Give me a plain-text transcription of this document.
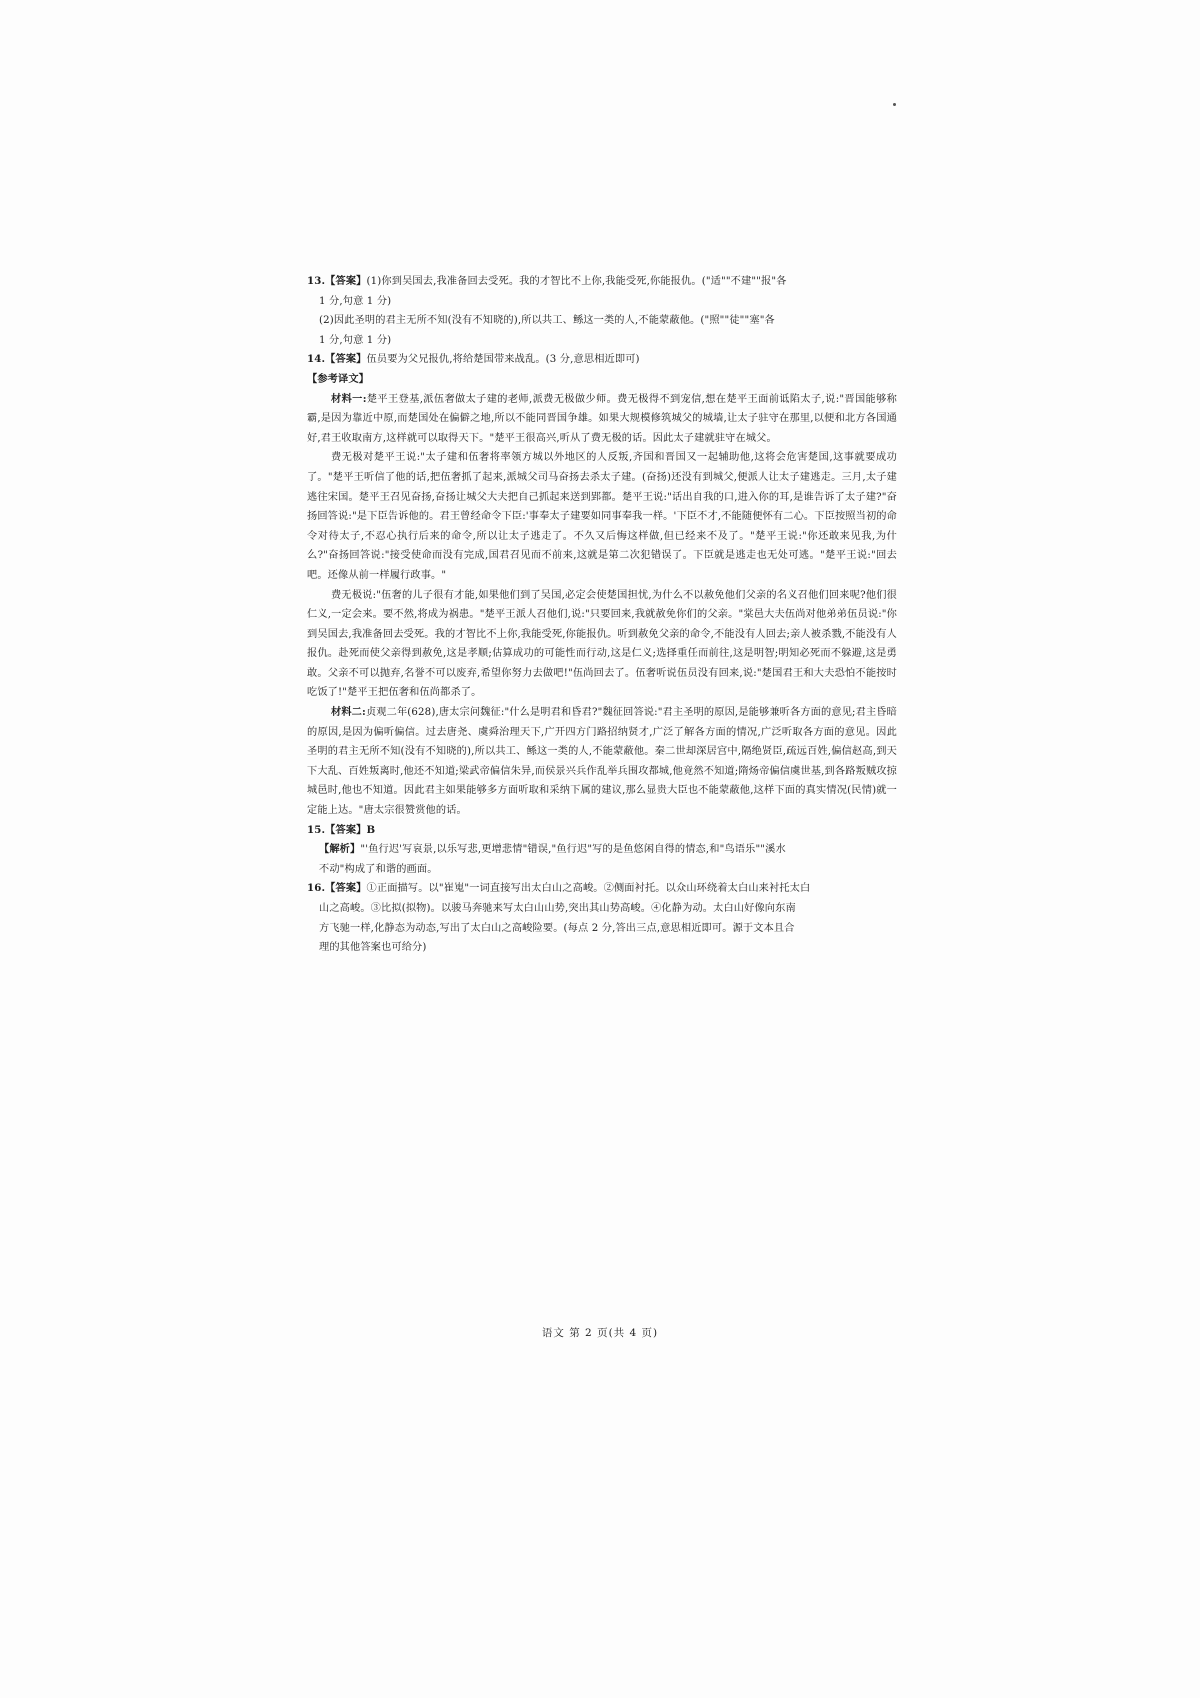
13.【答案】(1)你到吴国去,我准备回去受死。我的才智比不上你,我能受死,你能报仇。("适""不建""报"各
1 分,句意 1 分)
(2)因此圣明的君主无所不知(没有不知晓的),所以共工、鲧这一类的人,不能蒙蔽他。("照""徒""塞"各
1 分,句意 1 分)
14.【答案】伍员要为父兄报仇,将给楚国带来战乱。(3 分,意思相近即可)
【参考译文】
材料一:楚平王登基,派伍奢做太子建的老师,派费无极做少师。费无极得不到宠信,想在楚平王面前诋陷太子,说:"晋国能够称霸,是因为靠近中原,而楚国处在偏僻之地,所以不能同晋国争雄。如果大规模修筑城父的城墙,让太子驻守在那里,以便和北方各国通好,君王收取南方,这样就可以取得天下。"楚平王很高兴,听从了费无极的话。因此太子建就驻守在城父。
费无极对楚平王说:"太子建和伍奢将率领方城以外地区的人反叛,齐国和晋国又一起辅助他,这将会危害楚国,这事就要成功了。"楚平王听信了他的话,把伍奢抓了起来,派城父司马奋扬去杀太子建。(奋扬)还没有到城父,便派人让太子建逃走。三月,太子建逃往宋国。楚平王召见奋扬,奋扬让城父大夫把自己抓起来送到郢都。楚平王说:"话出自我的口,进入你的耳,是谁告诉了太子建?"奋扬回答说:"是下臣告诉他的。君王曾经命令下臣:'事奉太子建要如同事奉我一样。'下臣不才,不能随便怀有二心。下臣按照当初的命令对待太子,不忍心执行后来的命令,所以让太子逃走了。不久又后悔这样做,但已经来不及了。"楚平王说:"你还敢来见我,为什么?"奋扬回答说:"接受使命而没有完成,国君召见而不前来,这就是第二次犯错误了。下臣就是逃走也无处可逃。"楚平王说:"回去吧。还像从前一样履行政事。"
费无极说:"伍奢的儿子很有才能,如果他们到了吴国,必定会使楚国担忧,为什么不以赦免他们父亲的名义召他们回来呢?他们很仁义,一定会来。要不然,将成为祸患。"楚平王派人召他们,说:"只要回来,我就赦免你们的父亲。"棠邑大夫伍尚对他弟弟伍员说:"你到吴国去,我准备回去受死。我的才智比不上你,我能受死,你能报仇。听到赦免父亲的命令,不能没有人回去;亲人被杀戮,不能没有人报仇。赴死而使父亲得到赦免,这是孝顺;估算成功的可能性而行动,这是仁义;选择重任而前往,这是明智;明知必死而不躲避,这是勇敢。父亲不可以抛弃,名誉不可以废弃,希望你努力去做吧!"伍尚回去了。伍奢听说伍员没有回来,说:"楚国君王和大夫恐怕不能按时吃饭了!"楚平王把伍奢和伍尚都杀了。
材料二:贞观二年(628),唐太宗问魏征:"什么是明君和昏君?"魏征回答说:"君主圣明的原因,是能够兼听各方面的意见;君主昏暗的原因,是因为偏听偏信。过去唐尧、虞舜治理天下,广开四方门路招纳贤才,广泛了解各方面的情况,广泛听取各方面的意见。因此圣明的君主无所不知(没有不知晓的),所以共工、鲧这一类的人,不能蒙蔽他。秦二世却深居宫中,隔绝贤臣,疏远百姓,偏信赵高,到天下大乱、百姓叛离时,他还不知道;梁武帝偏信朱异,而侯景兴兵作乱举兵围攻都城,他竟然不知道;隋炀帝偏信虞世基,到各路叛贼攻掠城邑时,他也不知道。因此君主如果能够多方面听取和采纳下属的建议,那么显贵大臣也不能蒙蔽他,这样下面的真实情况(民情)就一定能上达。"唐太宗很赞赏他的话。
15.【答案】B
【解析】"'鱼行迟'写哀景,以乐写悲,更增悲情"错误,"鱼行迟"写的是鱼悠闲自得的情态,和"鸟语乐""溪水
不动"构成了和谐的画面。
16.【答案】①正面描写。以"崔嵬"一词直接写出太白山之高峻。②侧面衬托。以众山环绕着太白山来衬托太白
山之高峻。③比拟(拟物)。以骏马奔驰来写太白山山势,突出其山势高峻。④化静为动。太白山好像向东南
方飞驰一样,化静态为动态,写出了太白山之高峻险要。(每点 2 分,答出三点,意思相近即可。源于文本且合
理的其他答案也可给分)
语文 第 2 页(共 4 页)
